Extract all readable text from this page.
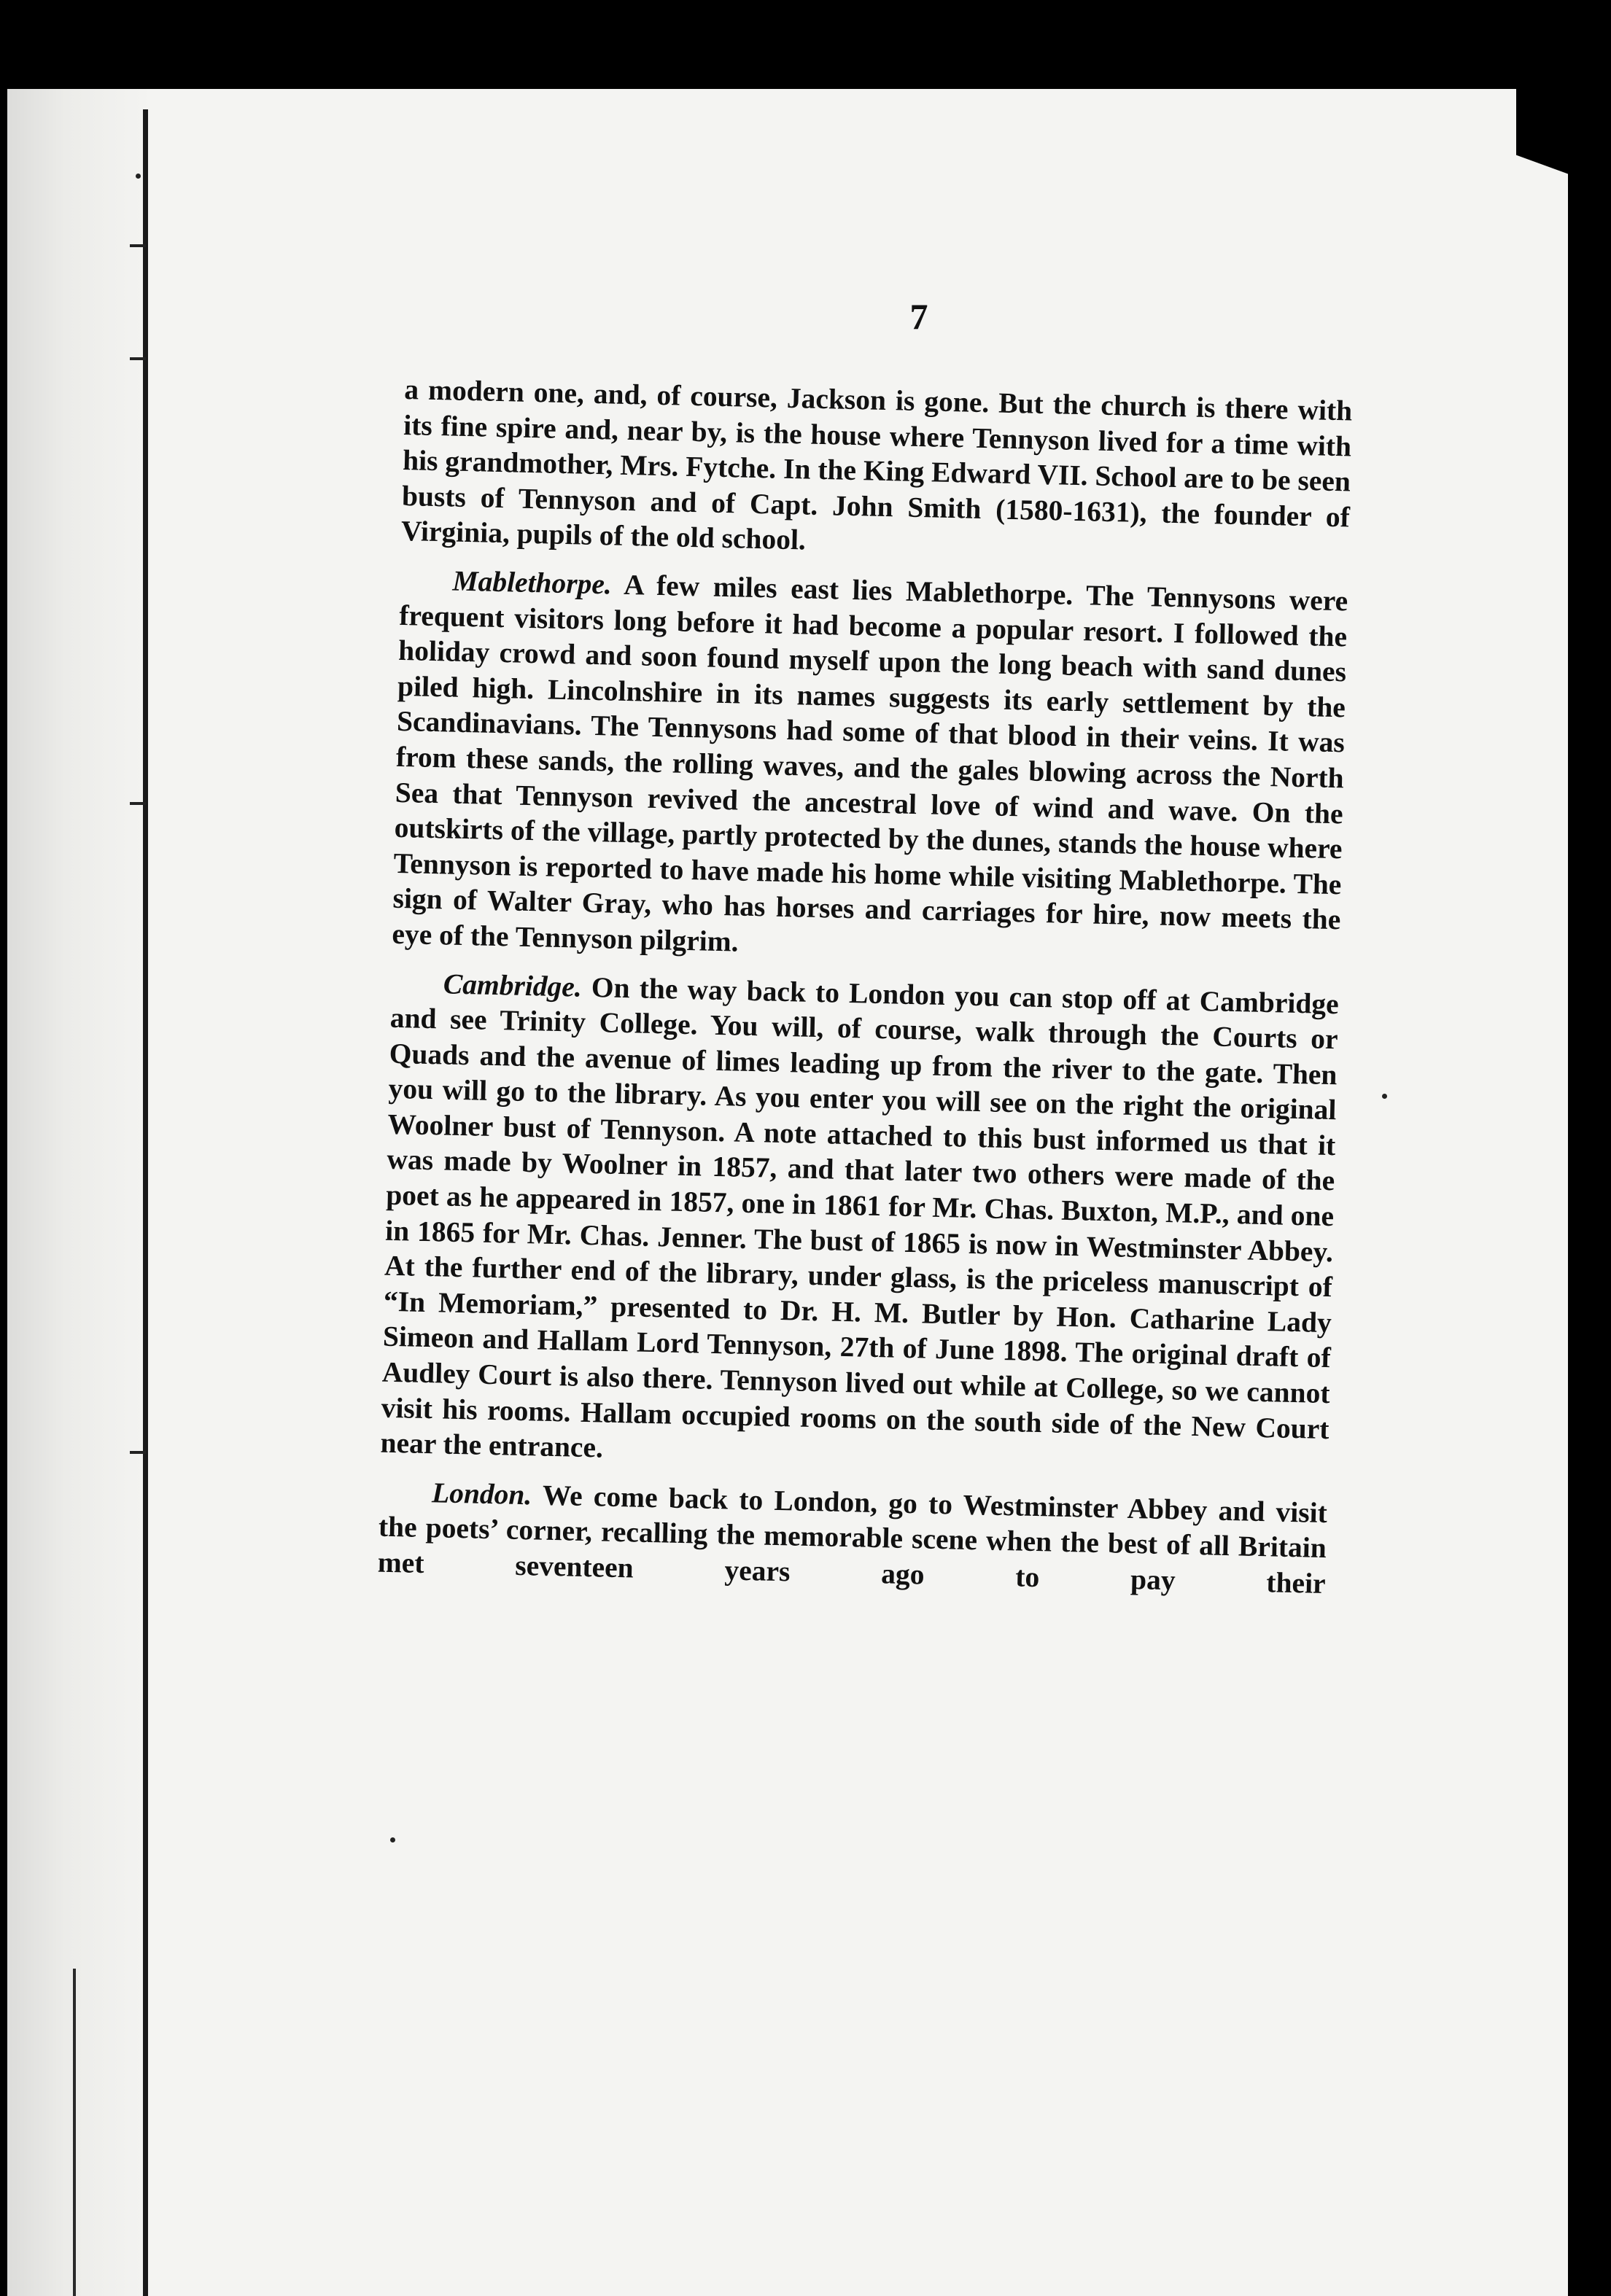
7

a modern one, and, of course, Jackson is gone. But the church is there with its fine spire and, near by, is the house where Tennyson lived for a time with his grandmother, Mrs. Fytche. In the King Edward VII. School are to be seen busts of Tennyson and of Capt. John Smith (1580-1631), the founder of Virginia, pupils of the old school.

Mablethorpe. A few miles east lies Mablethorpe. The Tennysons were frequent visitors long before it had become a popular resort. I followed the holiday crowd and soon found myself upon the long beach with sand dunes piled high. Lincolnshire in its names suggests its early settlement by the Scandinavians. The Tennysons had some of that blood in their veins. It was from these sands, the rolling waves, and the gales blowing across the North Sea that Tennyson revived the ancestral love of wind and wave. On the outskirts of the village, partly protected by the dunes, stands the house where Tennyson is reported to have made his home while visiting Mablethorpe. The sign of Walter Gray, who has horses and carriages for hire, now meets the eye of the Tennyson pilgrim.

Cambridge. On the way back to London you can stop off at Cambridge and see Trinity College. You will, of course, walk through the Courts or Quads and the avenue of limes leading up from the river to the gate. Then you will go to the library. As you enter you will see on the right the original Woolner bust of Tennyson. A note attached to this bust informed us that it was made by Woolner in 1857, and that later two others were made of the poet as he appeared in 1857, one in 1861 for Mr. Chas. Buxton, M.P., and one in 1865 for Mr. Chas. Jenner. The bust of 1865 is now in Westminster Abbey. At the further end of the library, under glass, is the priceless manuscript of “In Memoriam,” presented to Dr. H. M. Butler by Hon. Catharine Lady Simeon and Hallam Lord Tennyson, 27th of June 1898. The original draft of Audley Court is also there. Tennyson lived out while at College, so we cannot visit his rooms. Hallam occupied rooms on the south side of the New Court near the entrance.

London. We come back to London, go to Westminster Abbey and visit the poets’ corner, recalling the memorable scene when the best of all Britain met seventeen years ago to pay their
